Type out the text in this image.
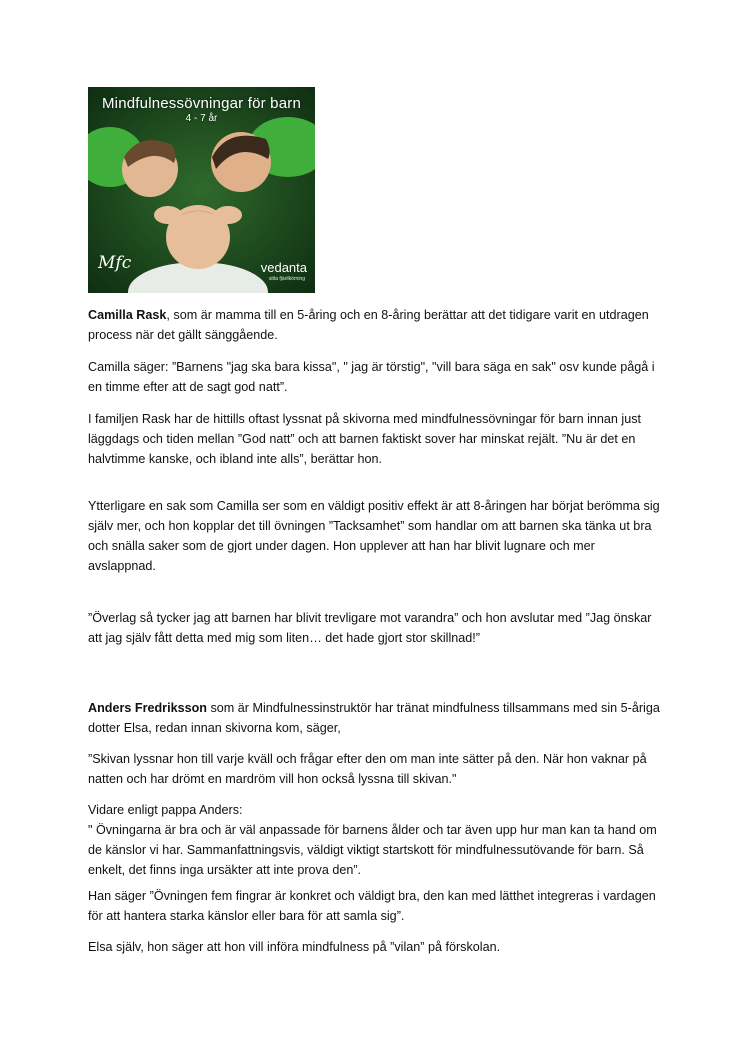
Mindfulnessövningar för barn
4 - 7 år
Mfc	vedanta
sitta fjärilkörning

Camilla Rask, som är mamma till en 5-åring och en 8-åring berättar att det tidigare varit en utdragen process när det gällt sänggående.

Camilla säger: ”Barnens "jag ska bara kissa", " jag är törstig", "vill bara säga en sak" osv kunde pågå i en timme efter att de sagt god natt”.

I familjen Rask har de hittills oftast lyssnat på skivorna med mindfulnessövningar för barn innan just läggdags och tiden mellan ”God natt” och att barnen faktiskt sover har minskat rejält. ”Nu är det en halvtimme kanske, och ibland inte alls”, berättar hon.

Ytterligare en sak som Camilla ser som en väldigt positiv effekt är att 8-åringen har börjat berömma sig själv mer, och hon kopplar det till övningen ”Tacksamhet” som handlar om att barnen ska tänka ut bra och snälla saker som de gjort under dagen. Hon upplever att han har blivit lugnare och mer avslappnad.

”Överlag så tycker jag att barnen har blivit trevligare mot varandra” och hon avslutar med ”Jag önskar att jag själv fått detta med mig som liten… det hade gjort stor skillnad!”

Anders Fredriksson som är Mindfulnessinstruktör har tränat mindfulness tillsammans med sin 5-åriga dotter Elsa, redan innan skivorna kom, säger,

”Skivan lyssnar hon till varje kväll och frågar efter den om man inte sätter på den. När hon vaknar på natten och har drömt en mardröm vill hon också lyssna till skivan."

Vidare enligt pappa Anders:

" Övningarna är bra och är väl anpassade för barnens ålder och tar även upp hur man kan ta hand om de känslor vi har. Sammanfattningsvis, väldigt viktigt startskott för mindfulnessutövande för barn. Så enkelt, det finns inga ursäkter att inte prova den”.

Han säger ”Övningen fem fingrar är konkret och väldigt bra, den kan med lätthet integreras i vardagen för att hantera starka känslor eller bara för att samla sig”.

Elsa själv, hon säger att hon vill införa mindfulness på ”vilan” på förskolan.
